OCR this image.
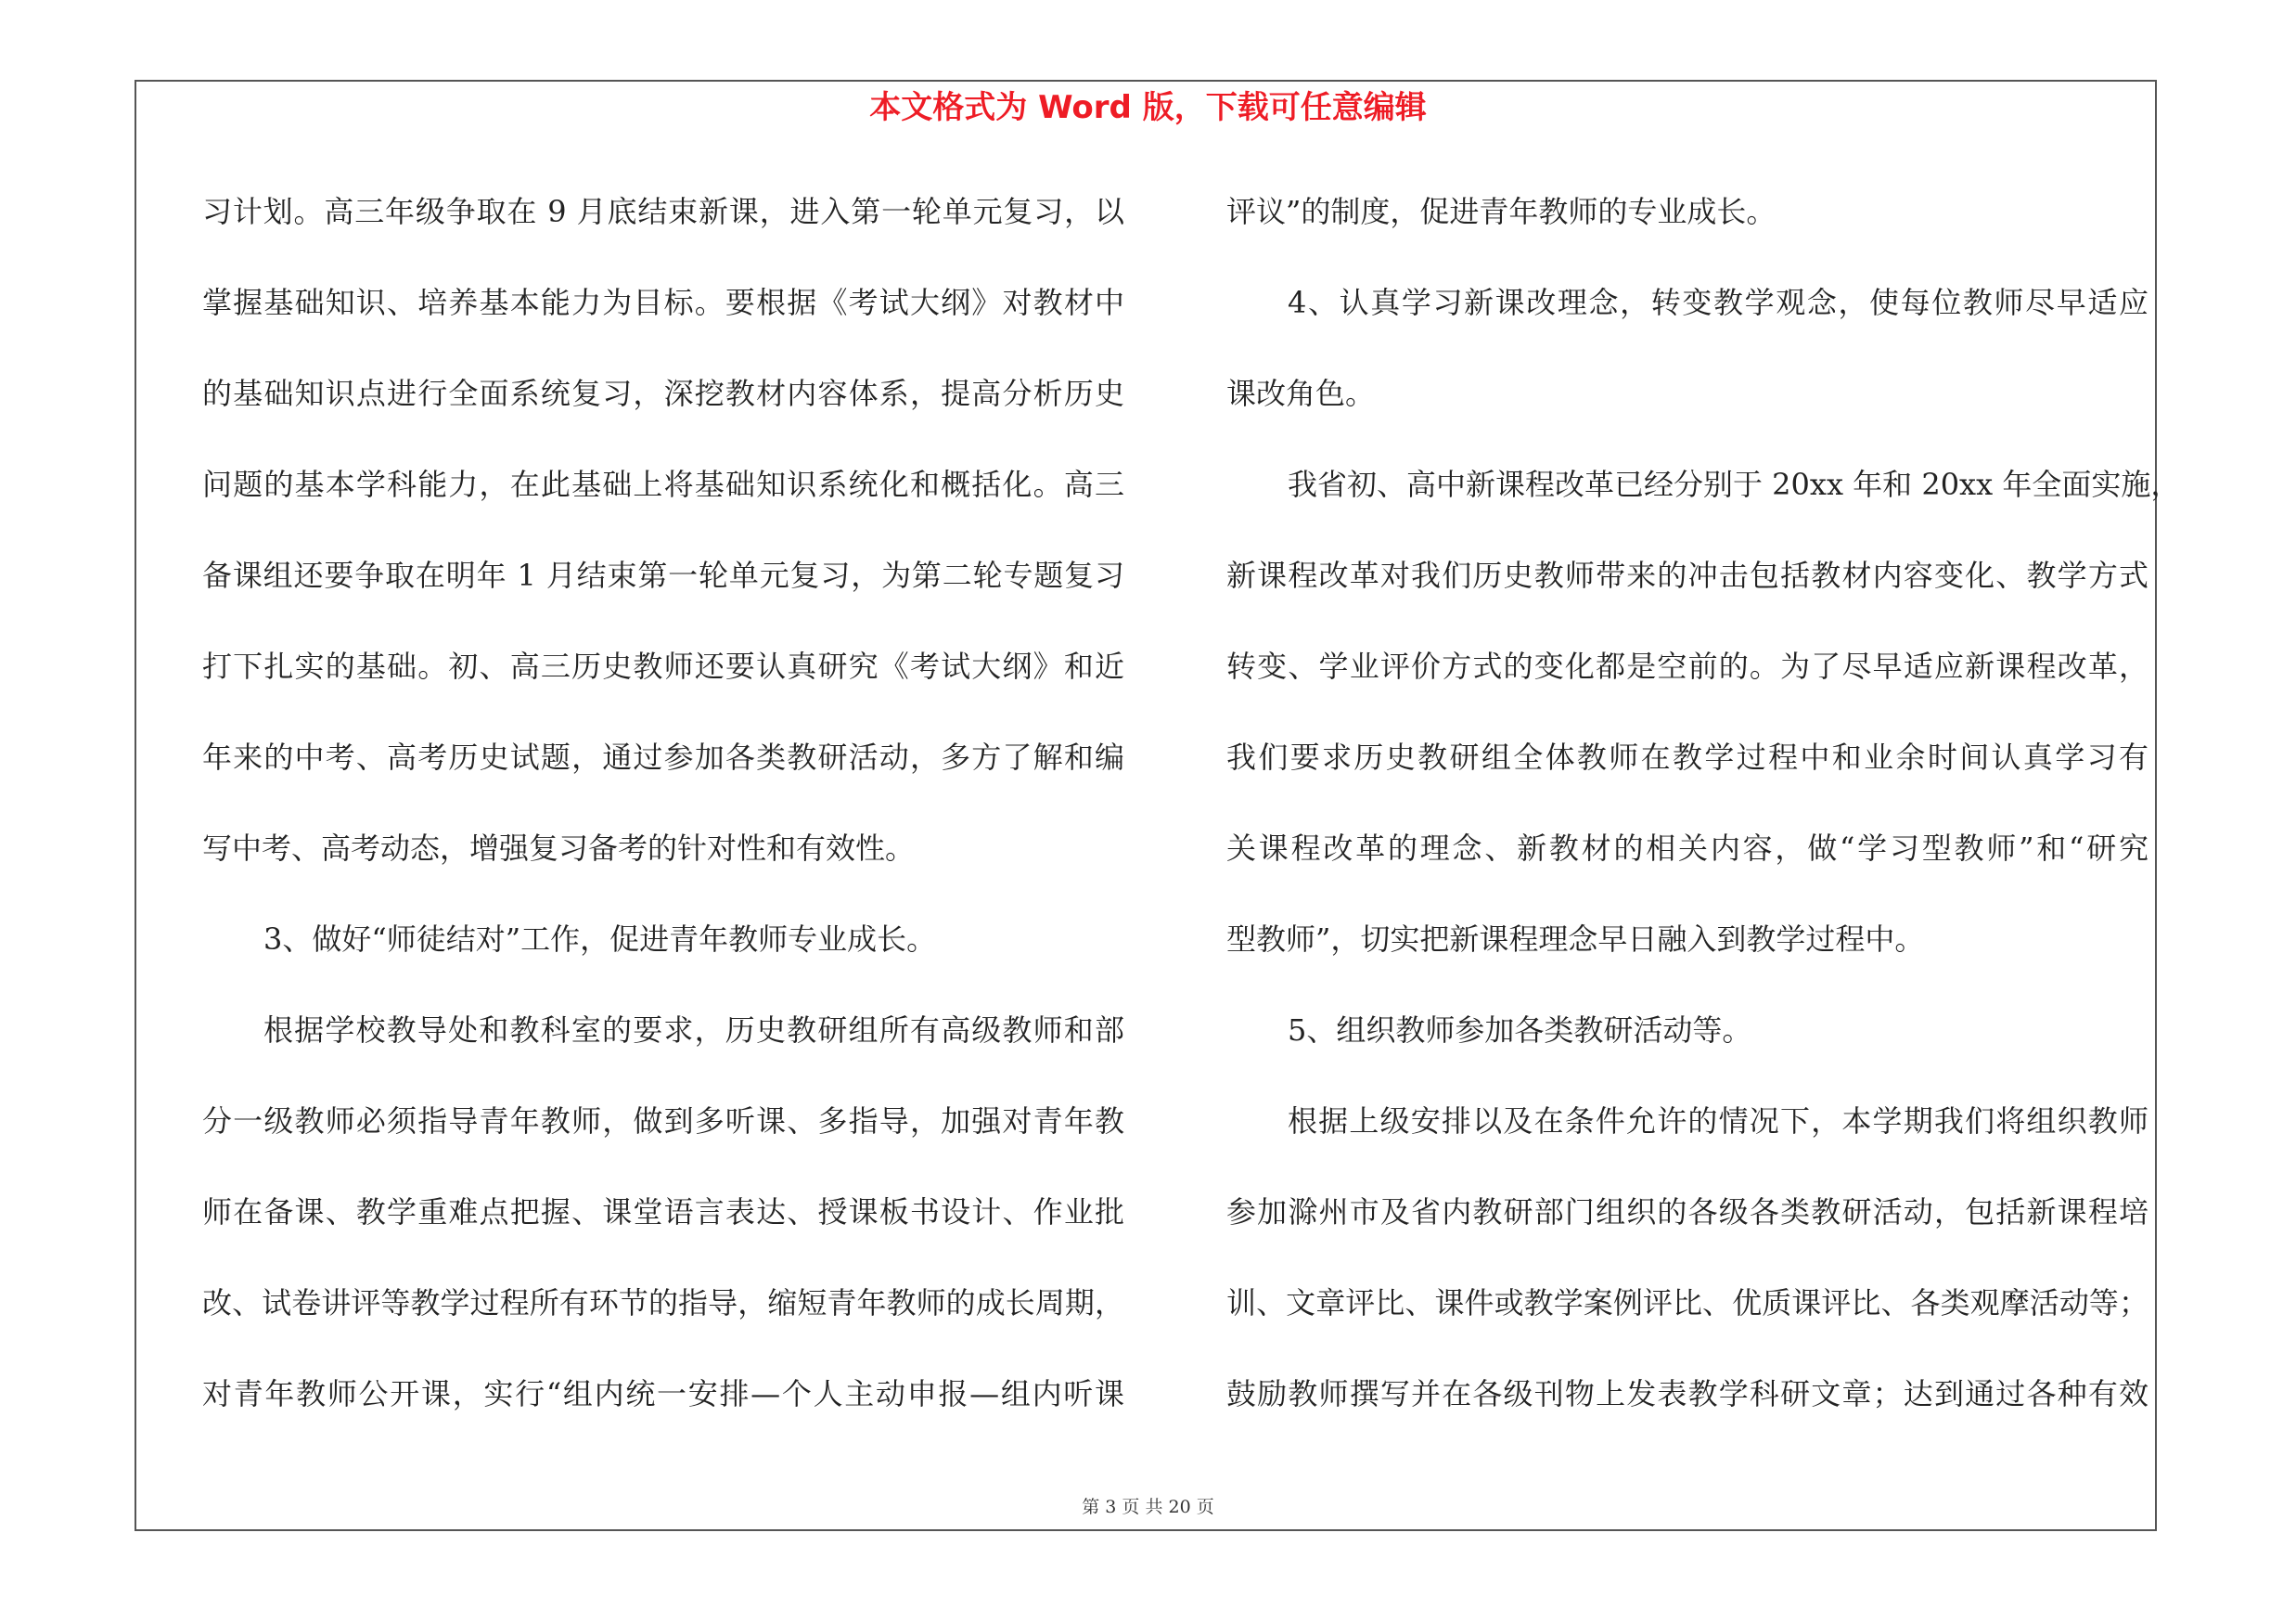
本文格式为 Word 版，下载可任意编辑
习计划。高三年级争取在 9 月底结束新课，进入第一轮单元复习，以
掌握基础知识、培养基本能力为目标。要根据《考试大纲》对教材中
的基础知识点进行全面系统复习，深挖教材内容体系，提高分析历史
问题的基本学科能力，在此基础上将基础知识系统化和概括化。高三
备课组还要争取在明年 1 月结束第一轮单元复习，为第二轮专题复习
打下扎实的基础。初、高三历史教师还要认真研究《考试大纲》和近
年来的中考、高考历史试题，通过参加各类教研活动，多方了解和编
写中考、高考动态，增强复习备考的针对性和有效性。
3、做好“师徒结对”工作，促进青年教师专业成长。
根据学校教导处和教科室的要求，历史教研组所有高级教师和部
分一级教师必须指导青年教师，做到多听课、多指导，加强对青年教
师在备课、教学重难点把握、课堂语言表达、授课板书设计、作业批
改、试卷讲评等教学过程所有环节的指导，缩短青年教师的成长周期，
对青年教师公开课，实行“组内统一安排—个人主动申报—组内听课
评议”的制度，促进青年教师的专业成长。
4、认真学习新课改理念，转变教学观念，使每位教师尽早适应
课改角色。
我省初、高中新课程改革已经分别于 20xx 年和 20xx 年全面实施，
新课程改革对我们历史教师带来的冲击包括教材内容变化、教学方式
转变、学业评价方式的变化都是空前的。为了尽早适应新课程改革，
我们要求历史教研组全体教师在教学过程中和业余时间认真学习有
关课程改革的理念、新教材的相关内容，做“学习型教师”和“研究
型教师”，切实把新课程理念早日融入到教学过程中。
5、组织教师参加各类教研活动等。
根据上级安排以及在条件允许的情况下，本学期我们将组织教师
参加滁州市及省内教研部门组织的各级各类教研活动，包括新课程培
训、文章评比、课件或教学案例评比、优质课评比、各类观摩活动等；
鼓励教师撰写并在各级刊物上发表教学科研文章；达到通过各种有效
第 3 页 共 20 页
